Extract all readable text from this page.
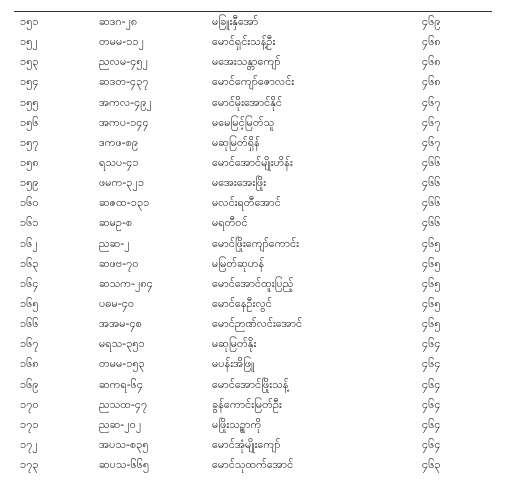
၁၅၁	ဆဒဂ-၂၈	မခြူးနှီအော်	၄၆၉
၁၅၂	တမမ-၁၁၂	မောင်ရှင်းသန့်ဦး	၄၆၈
၁၅၃	ညလမ-၄၅၂	မအေးသန္တာကျော်	၄၆၈
၁၅၄	ဆဒတ-၄၃၇	မောင်ကျော်ဇောလင်း	၄၆၈
၁၅၅	အကလ-၄၉၂	မောင်မိုးအောင်နိုင်	၄၆၇
၁၅၆	အကပ-၁၄၄	မမေမြင့်မြတ်သူ	၄၆၇
၁၅၇	ဒကဖ-စ၉	မဆုမြတ်ရှိန်	၄၆၇
၁၅၈	ရသပ-၄၁	မောင်အောင်မျိုးဟိန်း	၄၆၆
၁၅၉	ဖမက-၃၂၁	မအေးအေးဖြိုး	၄၆၆
၁၆၀	ဆဇထ-၁၃၁	မလင်းရတီအောင်	၄၆၆
၁၆၁	ဆမဥ-စ	မရတီဝင်	၄၆၆
၁၆၂	ညဆ-၂	မောင်ဖြိုးကျော်ကောင်း	၄၆၅
၁၆၃	ဆဖဗ-၇၀	မမြတ်ဆုဟန်	၄၆၅
၁၆၄	ဆသက-၂၈၄	မောင်အောင်ထူးပြည့်	၄၆၅
၁၆၅	ပဓမ-၄၀	မောင်နေဦးလွင်	၄၆၅
၁၆၆	အအမ-၄စ	မောင်ဉာဏ်လင်းအောင်	၄၆၅
၁၆၇	မရသ-၃၅၁	မဆုမြတ်နိုး	၄၆၄
၁၆၈	တမမ-၁၅၃	မပန်းအိဖြူ	၄၆၄
၁၆၉	ဆကရ-၆၄	မောင်အောင်ဖြိုးသန့်	၄၆၄
၁၇၀	ညသထ-၄၇	ခွန်ကောင်းမြတ်ဦး	၄၆၄
၁၇၁	ညဆ-၂၀၂	မဖြိုးသဥ္စာကို	၄၆၄
၁၇၂	အပသ-စ၃၅	မောင်အုံမျိုးကျော်	၄၆၄
၁၇၃	ဆပသ-၆၆၅	မောင်သုထက်အောင်	၄၆၃
